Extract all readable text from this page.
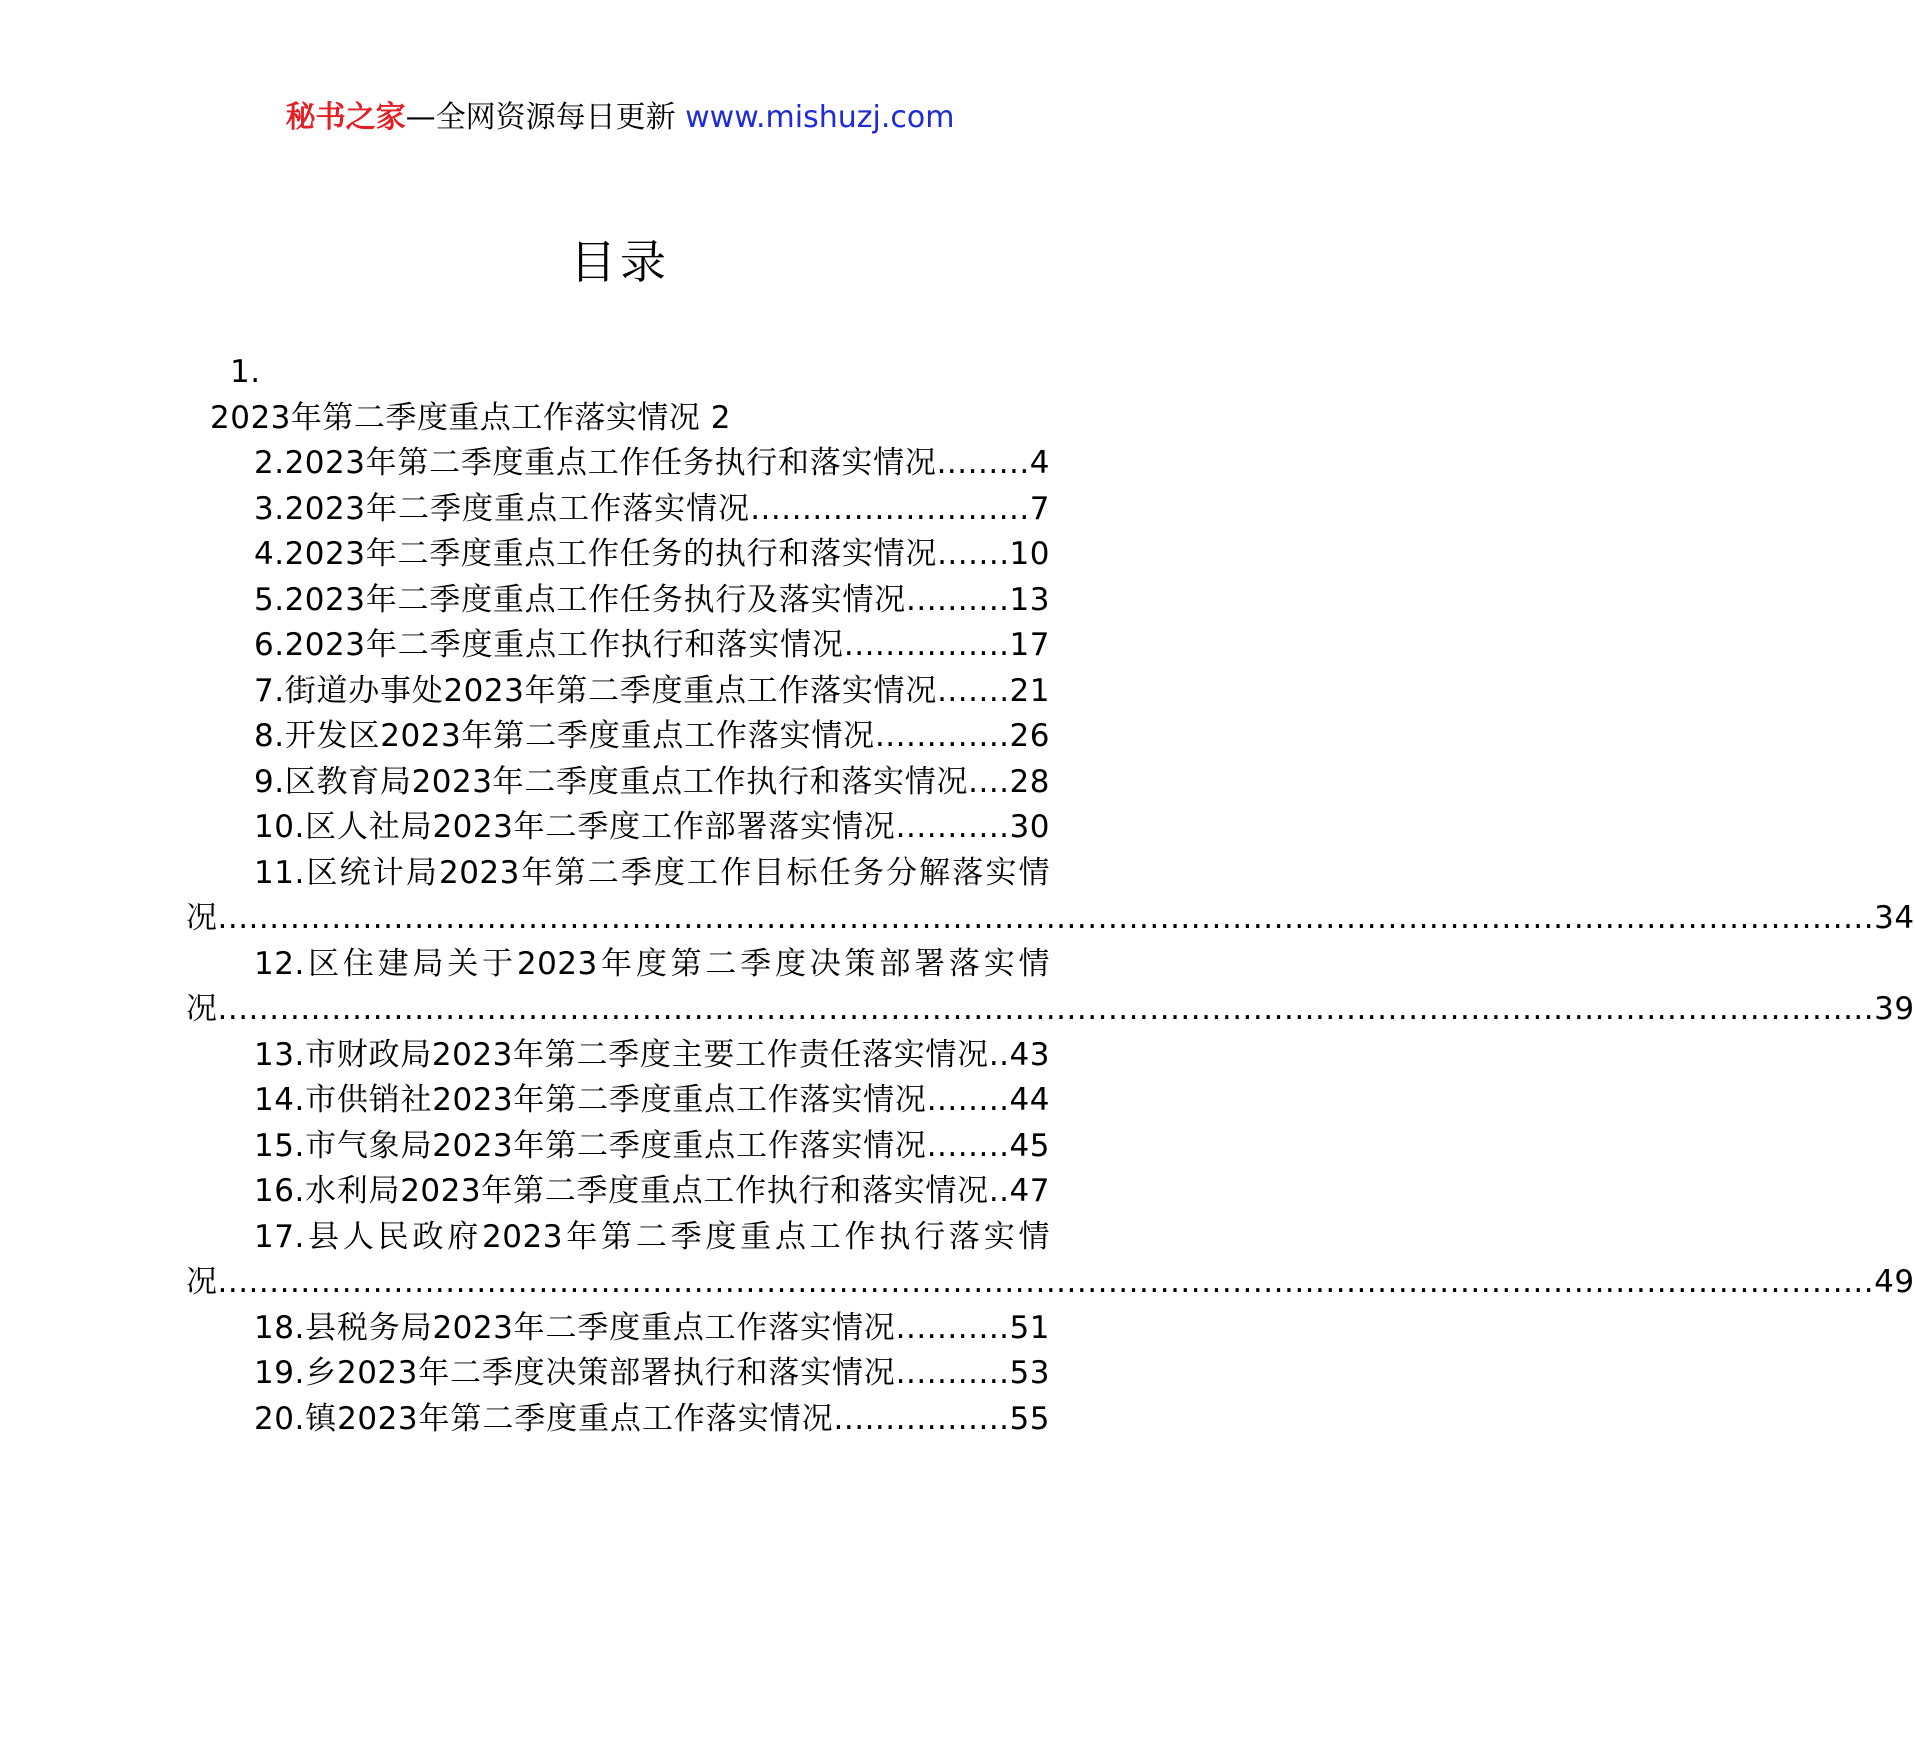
秘书之家—全网资源每日更新 www.mishuzj.com
目录
1.
2023年第二季度重点工作落实情况 2
2.2023年第二季度重点工作任务执行和落实情况.........4
3.2023年二季度重点工作落实情况...........................7
4.2023年二季度重点工作任务的执行和落实情况.......10
5.2023年二季度重点工作任务执行及落实情况..........13
6.2023年二季度重点工作执行和落实情况................17
7.街道办事处2023年第二季度重点工作落实情况.......21
8.开发区2023年第二季度重点工作落实情况.............26
9.区教育局2023年二季度重点工作执行和落实情况....28
10.区人社局2023年二季度工作部署落实情况...........30
11.区统计局2023年第二季度工作目标任务分解落实情况................................................................................................................................................................34
12.区住建局关于2023年度第二季度决策部署落实情况................................................................................................................................................................39
13.市财政局2023年第二季度主要工作责任落实情况..43
14.市供销社2023年第二季度重点工作落实情况........44
15.市气象局2023年第二季度重点工作落实情况........45
16.水利局2023年第二季度重点工作执行和落实情况..47
17.县人民政府2023年第二季度重点工作执行落实情况................................................................................................................................................................49
18.县税务局2023年二季度重点工作落实情况...........51
19.乡2023年二季度决策部署执行和落实情况...........53
20.镇2023年第二季度重点工作落实情况.................55
